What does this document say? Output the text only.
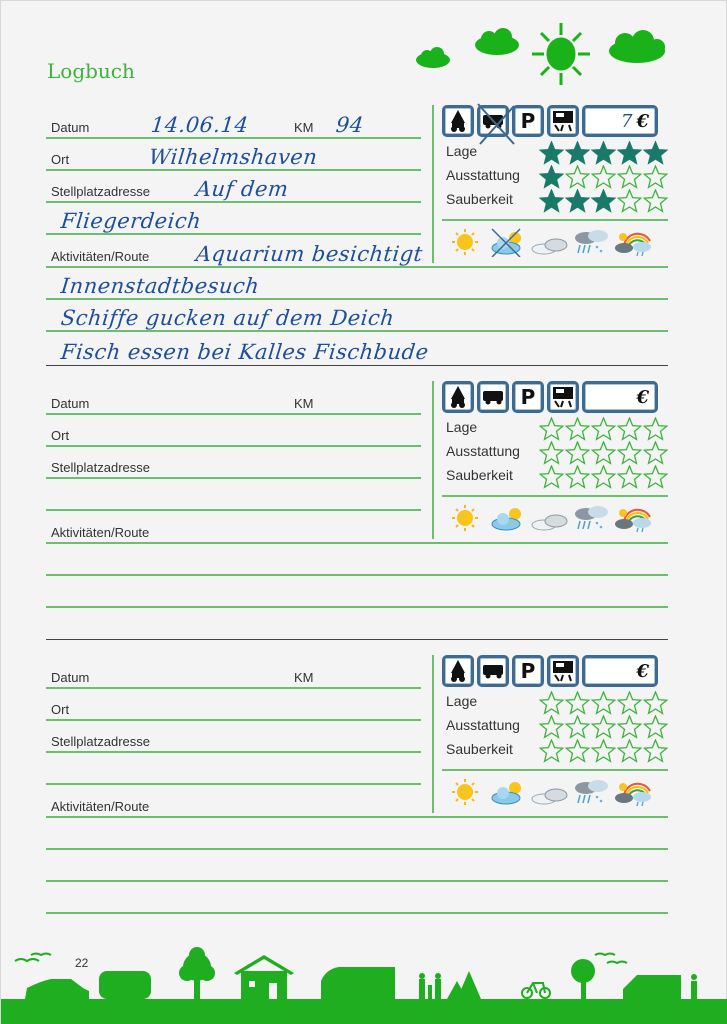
Logbuch
Datum	14.06.14	KM 94
Ort	Wilhelmshaven
Stellplatzadresse Auf dem
Fliegerdeich
Aktivitäten/Route Aquarium besichtigt
Innenstadtbesuch
Schiffe gucken auf dem Deich
Fisch essen bei Kalles Fischbude
P	7 €
Lage
Ausstattung
Sauberkeit
Datum	KM
Ort
Stellplatzadresse
Aktivitäten/Route
P	€
Lage
Ausstattung
Sauberkeit
Datum	KM
Ort
Stellplatzadresse
Aktivitäten/Route
P	€
Lage
Ausstattung
Sauberkeit
22
